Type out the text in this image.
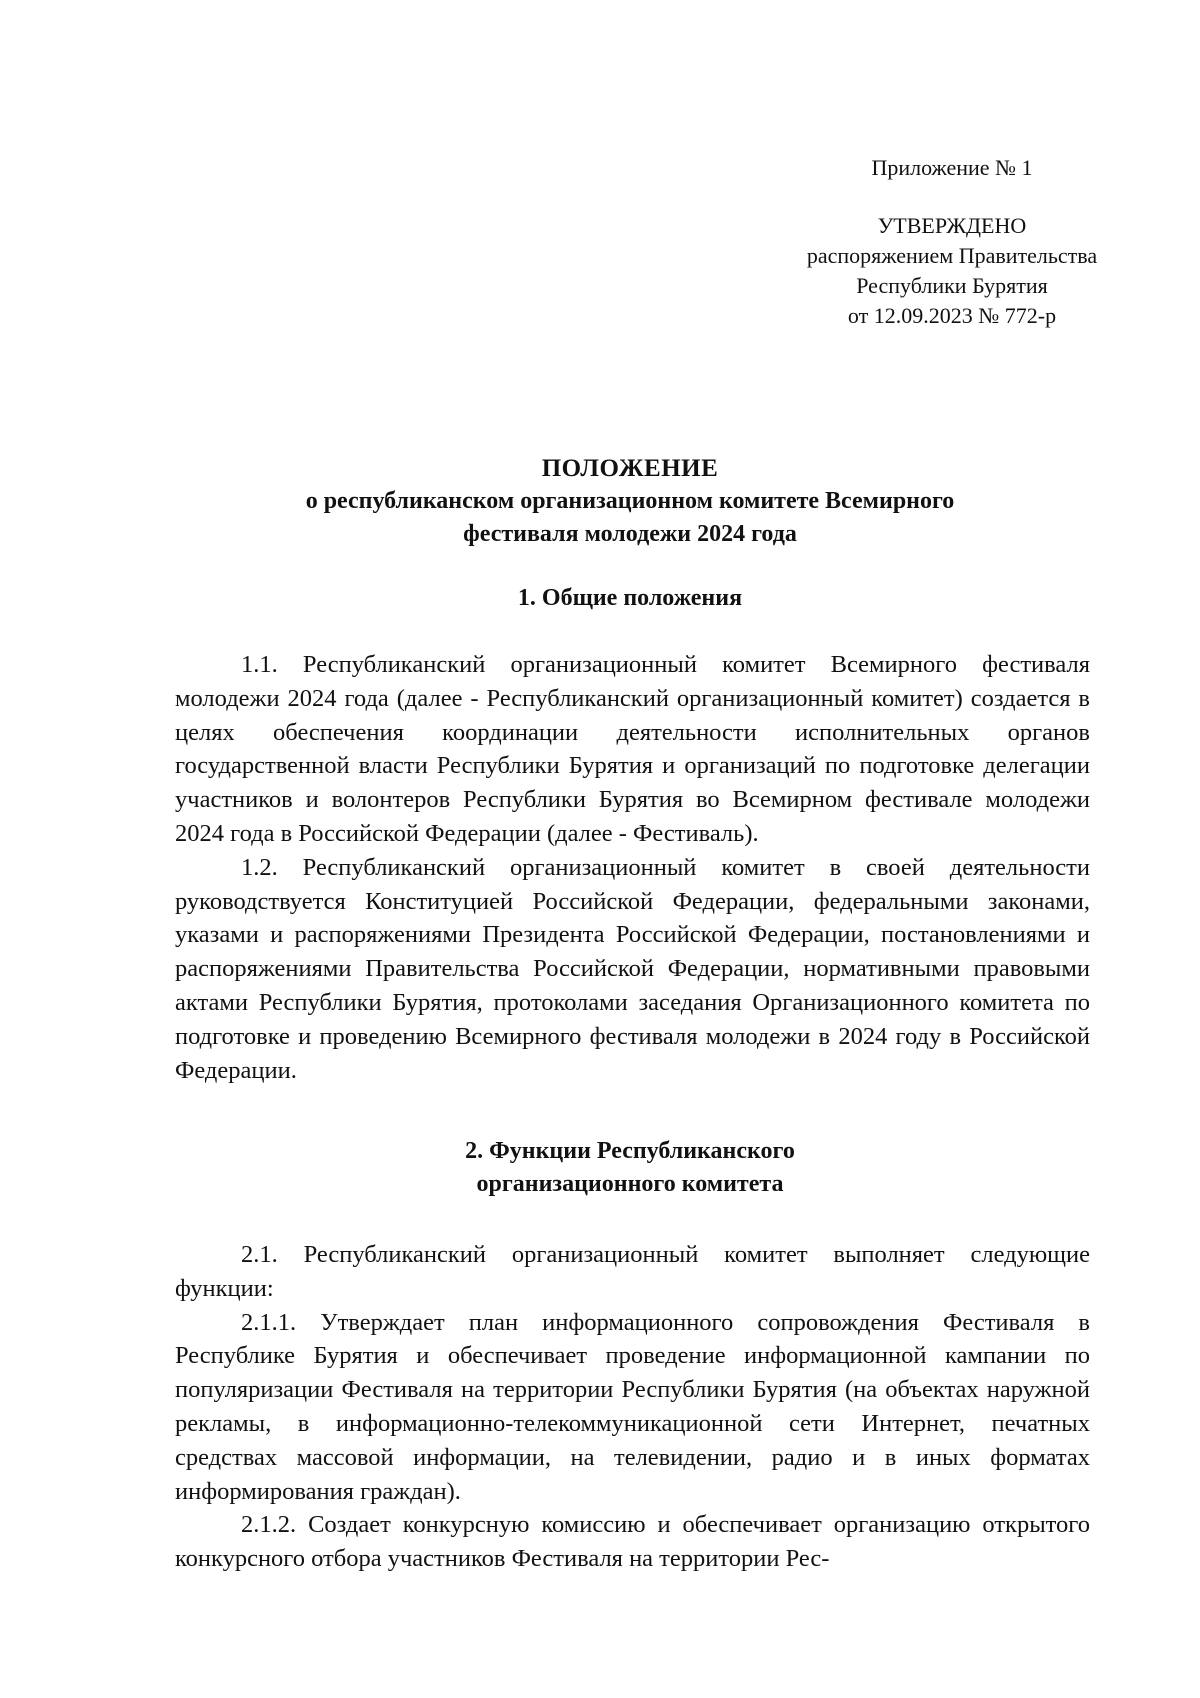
Приложение № 1
УТВЕРЖДЕНО
распоряжением Правительства
Республики Бурятия
от 12.09.2023 № 772-р
ПОЛОЖЕНИЕ
о республиканском организационном комитете Всемирного
фестиваля молодежи 2024 года
1. Общие положения

1.1. Республиканский организационный комитет Всемирного фестиваля молодежи 2024 года (далее - Республиканский организационный комитет) создается в целях обеспечения координации деятельности исполнительных органов государственной власти Республики Бурятия и организаций по подготовке делегации участников и волонтеров Республики Бурятия во Всемирном фестивале молодежи 2024 года в Российской Федерации (далее - Фестиваль).

1.2. Республиканский организационный комитет в своей деятельности руководствуется Конституцией Российской Федерации, федеральными законами, указами и распоряжениями Президента Российской Федерации, постановлениями и распоряжениями Правительства Российской Федерации, нормативными правовыми актами Республики Бурятия, протоколами заседания Организационного комитета по подготовке и проведению Всемирного фестиваля молодежи в 2024 году в Российской Федерации.

2. Функции Республиканского
организационного комитета

2.1. Республиканский организационный комитет выполняет следующие функции:

2.1.1. Утверждает план информационного сопровождения Фестиваля в Республике Бурятия и обеспечивает проведение информационной кампании по популяризации Фестиваля на территории Республики Бурятия (на объектах наружной рекламы, в информационно-телекоммуникационной сети Интернет, печатных средствах массовой информации, на телевидении, радио и в иных форматах информирования граждан).

2.1.2. Создает конкурсную комиссию и обеспечивает организацию открытого конкурсного отбора участников Фестиваля на территории Рес-
